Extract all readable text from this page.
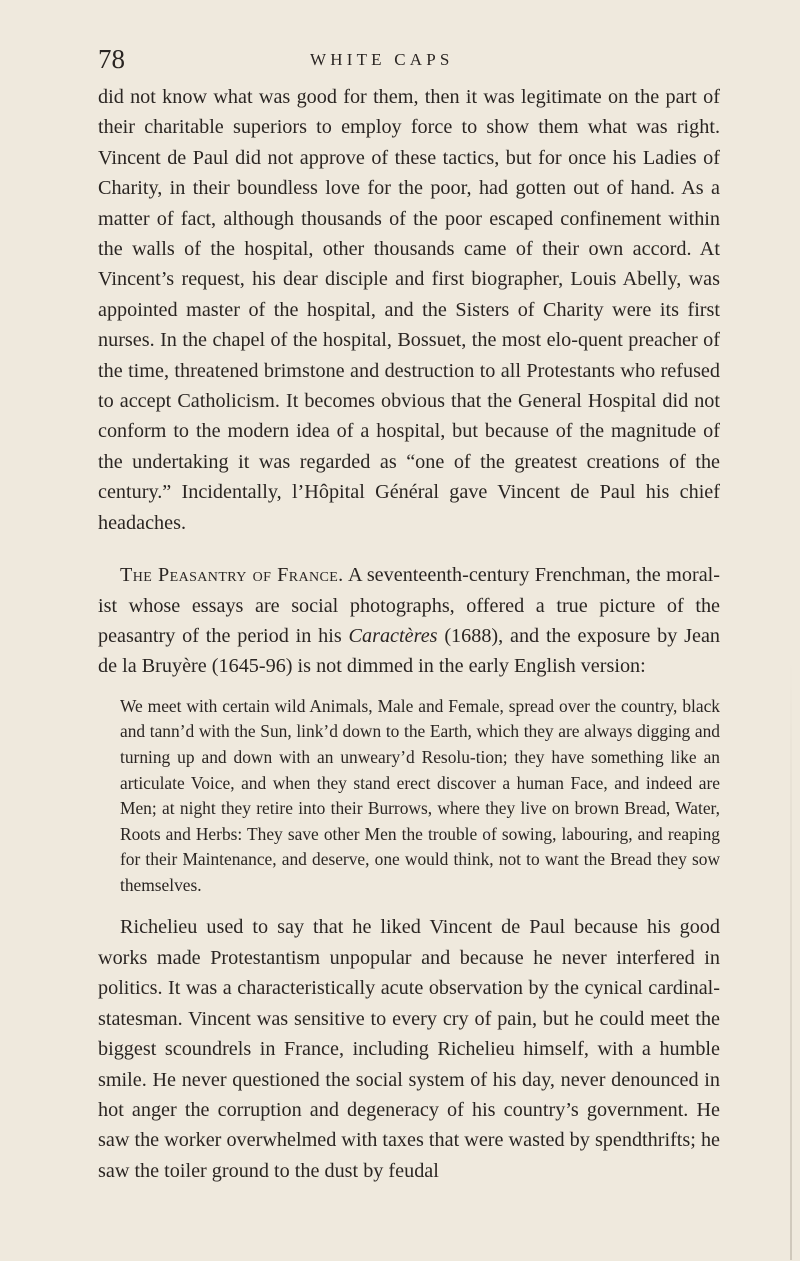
78	WHITE CAPS

did not know what was good for them, then it was legitimate on the part of their charitable superiors to employ force to show them what was right. Vincent de Paul did not approve of these tactics, but for once his Ladies of Charity, in their boundless love for the poor, had gotten out of hand. As a matter of fact, although thousands of the poor escaped confinement within the walls of the hospital, other thousands came of their own accord. At Vincent’s request, his dear disciple and first biographer, Louis Abelly, was appointed master of the hospital, and the Sisters of Charity were its first nurses. In the chapel of the hospital, Bossuet, the most elo-quent preacher of the time, threatened brimstone and destruction to all Protestants who refused to accept Catholicism. It becomes obvious that the General Hospital did not conform to the modern idea of a hospital, but because of the magnitude of the undertaking it was regarded as “one of the greatest creations of the century.” Incidentally, l’Hôpital Général gave Vincent de Paul his chief headaches.

The Peasantry of France. A seventeenth-century Frenchman, the moral-ist whose essays are social photographs, offered a true picture of the peasantry of the period in his Caractères (1688), and the exposure by Jean de la Bruyère (1645-96) is not dimmed in the early English version:

We meet with certain wild Animals, Male and Female, spread over the country, black and tann’d with the Sun, link’d down to the Earth, which they are always digging and turning up and down with an unweary’d Resolu-tion; they have something like an articulate Voice, and when they stand erect discover a human Face, and indeed are Men; at night they retire into their Burrows, where they live on brown Bread, Water, Roots and Herbs: They save other Men the trouble of sowing, labouring, and reaping for their Maintenance, and deserve, one would think, not to want the Bread they sow themselves.

Richelieu used to say that he liked Vincent de Paul because his good works made Protestantism unpopular and because he never interfered in politics. It was a characteristically acute observation by the cynical cardinal-statesman. Vincent was sensitive to every cry of pain, but he could meet the biggest scoundrels in France, including Richelieu himself, with a humble smile. He never questioned the social system of his day, never denounced in hot anger the corruption and degeneracy of his country’s government. He saw the worker overwhelmed with taxes that were wasted by spendthrifts; he saw the toiler ground to the dust by feudal
